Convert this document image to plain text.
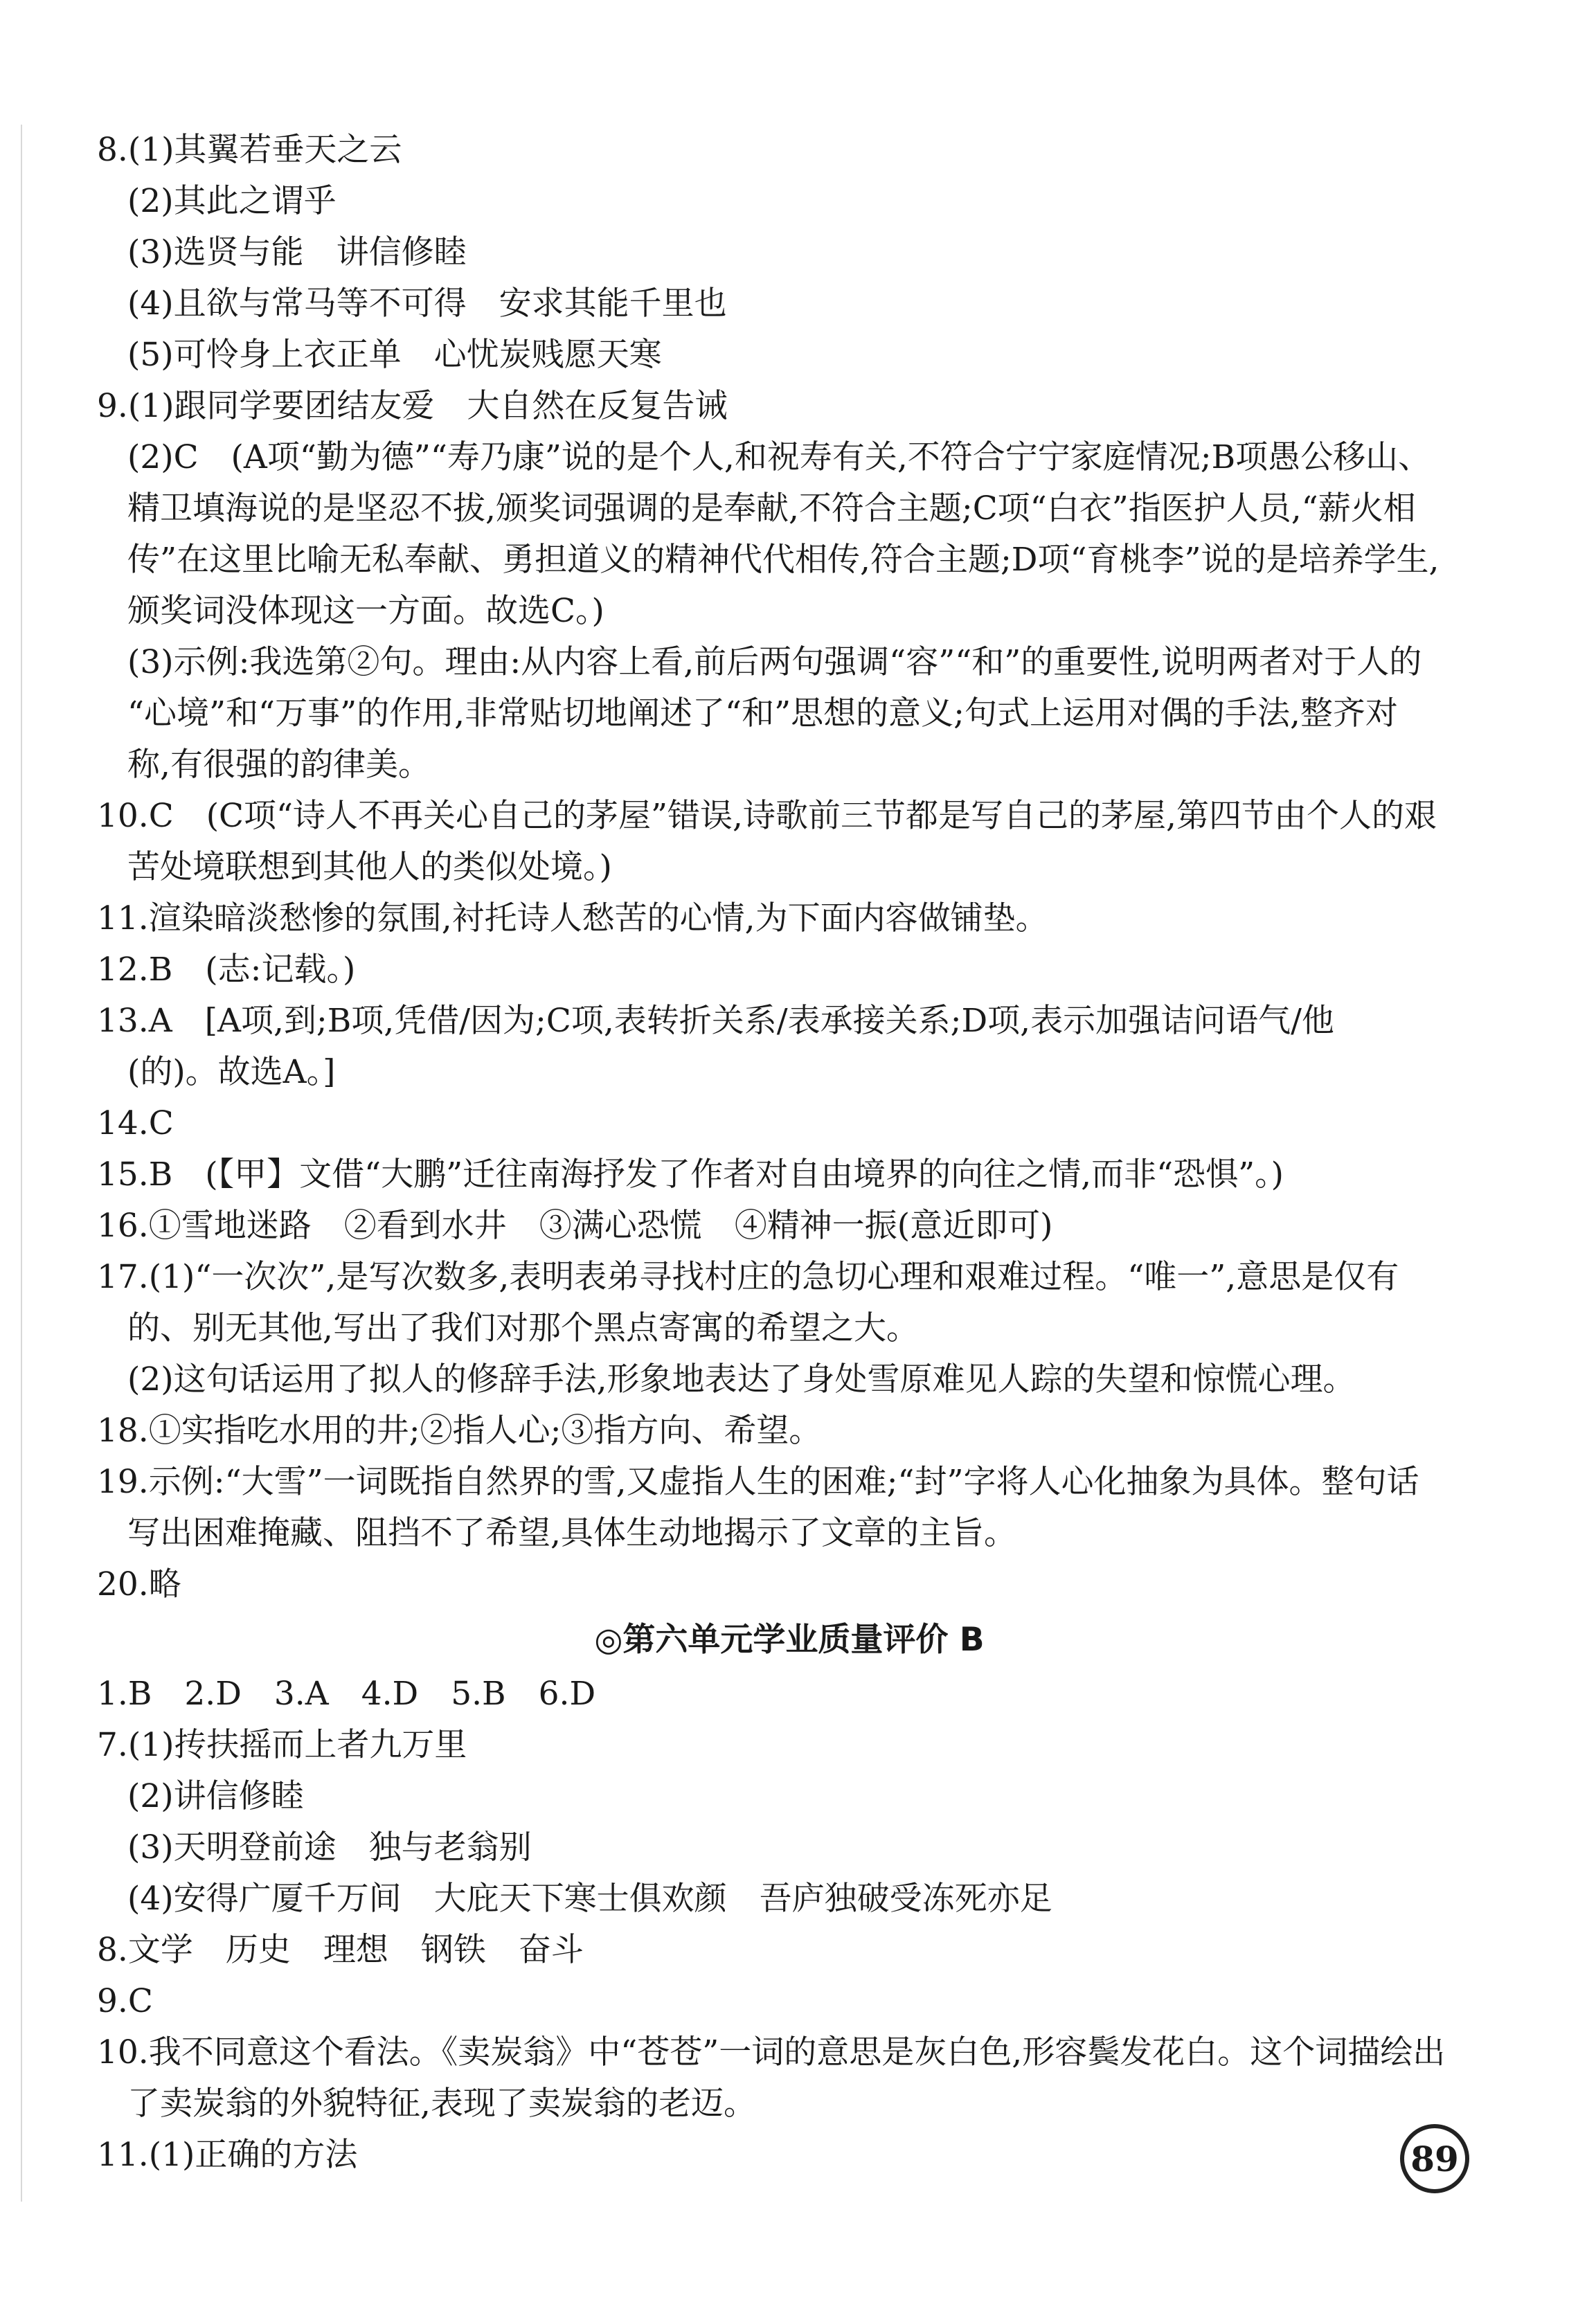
8.(1)其翼若垂天之云
(2)其此之谓乎
(3)选贤与能　讲信修睦
(4)且欲与常马等不可得　安求其能千里也
(5)可怜身上衣正单　心忧炭贱愿天寒
9.(1)跟同学要团结友爱　大自然在反复告诫
(2)C　(A项“勤为德”“寿乃康”说的是个人,和祝寿有关,不符合宁宁家庭情况;B项愚公移山、
精卫填海说的是坚忍不拔,颁奖词强调的是奉献,不符合主题;C项“白衣”指医护人员,“薪火相
传”在这里比喻无私奉献、勇担道义的精神代代相传,符合主题;D项“育桃李”说的是培养学生,
颁奖词没体现这一方面。故选C。)
(3)示例:我选第②句。理由:从内容上看,前后两句强调“容”“和”的重要性,说明两者对于人的
“心境”和“万事”的作用,非常贴切地阐述了“和”思想的意义;句式上运用对偶的手法,整齐对
称,有很强的韵律美。
10.C　(C项“诗人不再关心自己的茅屋”错误,诗歌前三节都是写自己的茅屋,第四节由个人的艰
苦处境联想到其他人的类似处境。)
11.渲染暗淡愁惨的氛围,衬托诗人愁苦的心情,为下面内容做铺垫。
12.B　(志:记载。)
13.A　[A项,到;B项,凭借/因为;C项,表转折关系/表承接关系;D项,表示加强诘问语气/他
(的)。故选A。]
14.C
15.B　(【甲】文借“大鹏”迁往南海抒发了作者对自由境界的向往之情,而非“恐惧”。)
16.①雪地迷路　②看到水井　③满心恐慌　④精神一振(意近即可)
17.(1)“一次次”,是写次数多,表明表弟寻找村庄的急切心理和艰难过程。“唯一”,意思是仅有
的、别无其他,写出了我们对那个黑点寄寓的希望之大。
(2)这句话运用了拟人的修辞手法,形象地表达了身处雪原难见人踪的失望和惊慌心理。
18.①实指吃水用的井;②指人心;③指方向、希望。
19.示例:“大雪”一词既指自然界的雪,又虚指人生的困难;“封”字将人心化抽象为具体。整句话
写出困难掩藏、阻挡不了希望,具体生动地揭示了文章的主旨。
20.略
◎第六单元学业质量评价 B
1.B　2.D　3.A　4.D　5.B　6.D
7.(1)抟扶摇而上者九万里
(2)讲信修睦
(3)天明登前途　独与老翁别
(4)安得广厦千万间　大庇天下寒士俱欢颜　吾庐独破受冻死亦足
8.文学　历史　理想　钢铁　奋斗
9.C
10.我不同意这个看法。《卖炭翁》中“苍苍”一词的意思是灰白色,形容鬓发花白。这个词描绘出
了卖炭翁的外貌特征,表现了卖炭翁的老迈。
11.(1)正确的方法	89
